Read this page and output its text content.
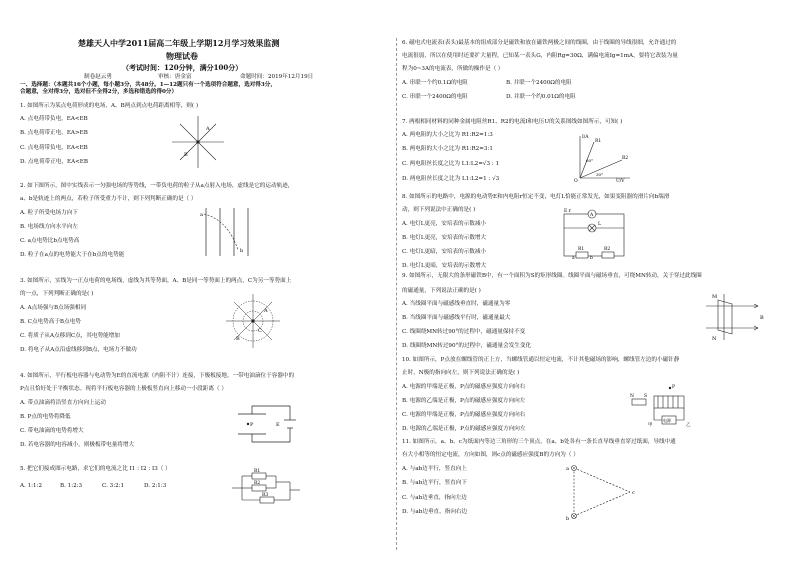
楚雄天人中学2011届高二年级上学期12月学习效果监测
物理试卷
制卷赵云勇	审核：唐金富	命题时间：2019年12月19日
（考试时间：120分钟，满分100分）
一、选择题：（本题共16个小题，每小题3分，共48分。1—12题只有一个选项符合题意，选对得3分，
合题意，全对得3分，选对但不全得2分，多选和错选的得0分）
1. 如图所示为某点电荷形成的电场，A、B两点到点电荷距离相等，则( )
A. 点电荷带负电，EA<EB
B. 点电荷带正电，EA>EB
C. 点电荷带负电，EA<EB
D. 点电荷带正电，EA<EB
A
B
2. 如下图所示，图中实线表示一匀强电场的等势线，一带负电荷的粒子从a点射入电场，虚线是它的运动轨迹，
a、b是轨迹上的两点，若粒子所受重力不计，则下列判断正确的是（ ）
A. 粒子所受电场力向下
B. 电场线方向水平向左
C. a点电势比b点电势高
D. 粒子在a点的电势能大于在b点的电势能
a
b
3. 如图所示，实线为一正点电荷的电场线，虚线为其等势面，A、B是同一等势面上的两点，C为另一等势面上
的一点，下列判断正确的是( )
A. A点场强与B点场强相同
B. C点电势高于B点电势
C. 将质子从A点移到C点，其电势能增加
D. 将电子从A点沿虚线移到B点，电场力不做功
A
B
C
4. 如图所示，平行板电容器与电动势为E的直流电源（内阻不计）连接，下极板接地。一带电油滴位于容器中的
P点且恰好处于平衡状态。现将平行板电容器的上极板竖直向上移动一小段距离（ ）
A. 带点油滴将沿竖直方向向上运动
B. P点的电势将降低
C. 带电油滴的电势将增大
D. 若电容器的电容减小，则极板带电量将增大
P	E
5. 把它们接成图示电路，求它们的电流之比 I1 : I2 : I3（ ）
A. 1:1:2	B. 1:2:3	C. 3:2:1	D. 2:1:3
R1
R2
R3
6. 磁电式电流表(表头)最基本的组成部分是磁铁和放在磁铁两极之间的线圈，由于线圈的导线很细，允许通过的
电流很弱，所以在使用时还要扩大量程。已知某一表头G，内阻Rg=30Ω，满偏电流Ig=1mA，要将它改装为量
程为0~3A的电流表，所做的操作是（ ）
A. 串联一个约0.1Ω的电阻	B. 并联一个2400Ω的电阻
C. 串联一个2400Ω的电阻	D. 并联一个约0.01Ω的电阻
7. 两根相同材料的同种金属电阻丝R1、R2的电流I和电压U的关系图线如图所示，可知( )
A. 两电阻的大小之比为 R1:R2=1:3
B. 两电阻的大小之比为 R1:R2=3:1
C. 两电阻丝长度之比为 L1:L2=√3 : 1
D. 两电阻丝长度之比为 L1:L2=1 : √3
I/A
U/V
R1
R2
60°
30°
O
8. 如图所示的电路中，电源的电动势E和内电阻r恒定不变，电灯L恰能正常发光，如果变阻器的滑片向b端滑
动，则下列说法中正确的是( )
A. 电灯L更亮，安培表的示数减小
B. 电灯L更亮，安培表的示数增大
C. 电灯L更暗，安培表的示数减小
D. 电灯L更暗，安培表的示数增大
A
L
R1	R2
a	b
E r
9. 如图所示，无限大的条形磁铁B中，有一个面积为S的矩形线圈。线圈平面与磁场垂直，可绕MN转动，关于穿过此线圈
的磁通量，下列说法正确的是( )
A. 当线圈平面与磁感线垂直时，磁通量为零
B. 当线圈平面与磁感线平行时，磁通量最大
C. 线圈绕MN转过90°的过程中，磁通量保持不变
D. 线圈绕MN转过90°的过程中，磁通量会发生变化
M
N
B
10. 如图所示，P点放在螺线管的正上方，当螺线管通以恒定电流，不计其他磁场的影响，螺线管左边的小磁针静
止时，N极的指向向左，则下列说法正确的是( )
A. 电源的甲端是正极，P点的磁感应强度方向向右
B. 电源的乙端是正极，P点的磁感应强度方向向左
C. 电源的甲端是正极，P点的磁感应强度方向向右
D. 电源的乙端是正极，P点的磁感应强度方向向左
P
N S
电源
甲	乙
11. 如图所示，a、b、c为纸面内等边三角形的三个顶点，在a、b处各有一条长直导线垂直穿过纸面，导线中通
有大小相等的恒定电流，方向如图，则c点的磁感应强度B的方向为（ ）
A. 与ab边平行，竖直向上
B. 与ab边平行，竖直向下
C. 与ab边垂直，指向左边
D. 与ab边垂直，指向右边
a
b
c
